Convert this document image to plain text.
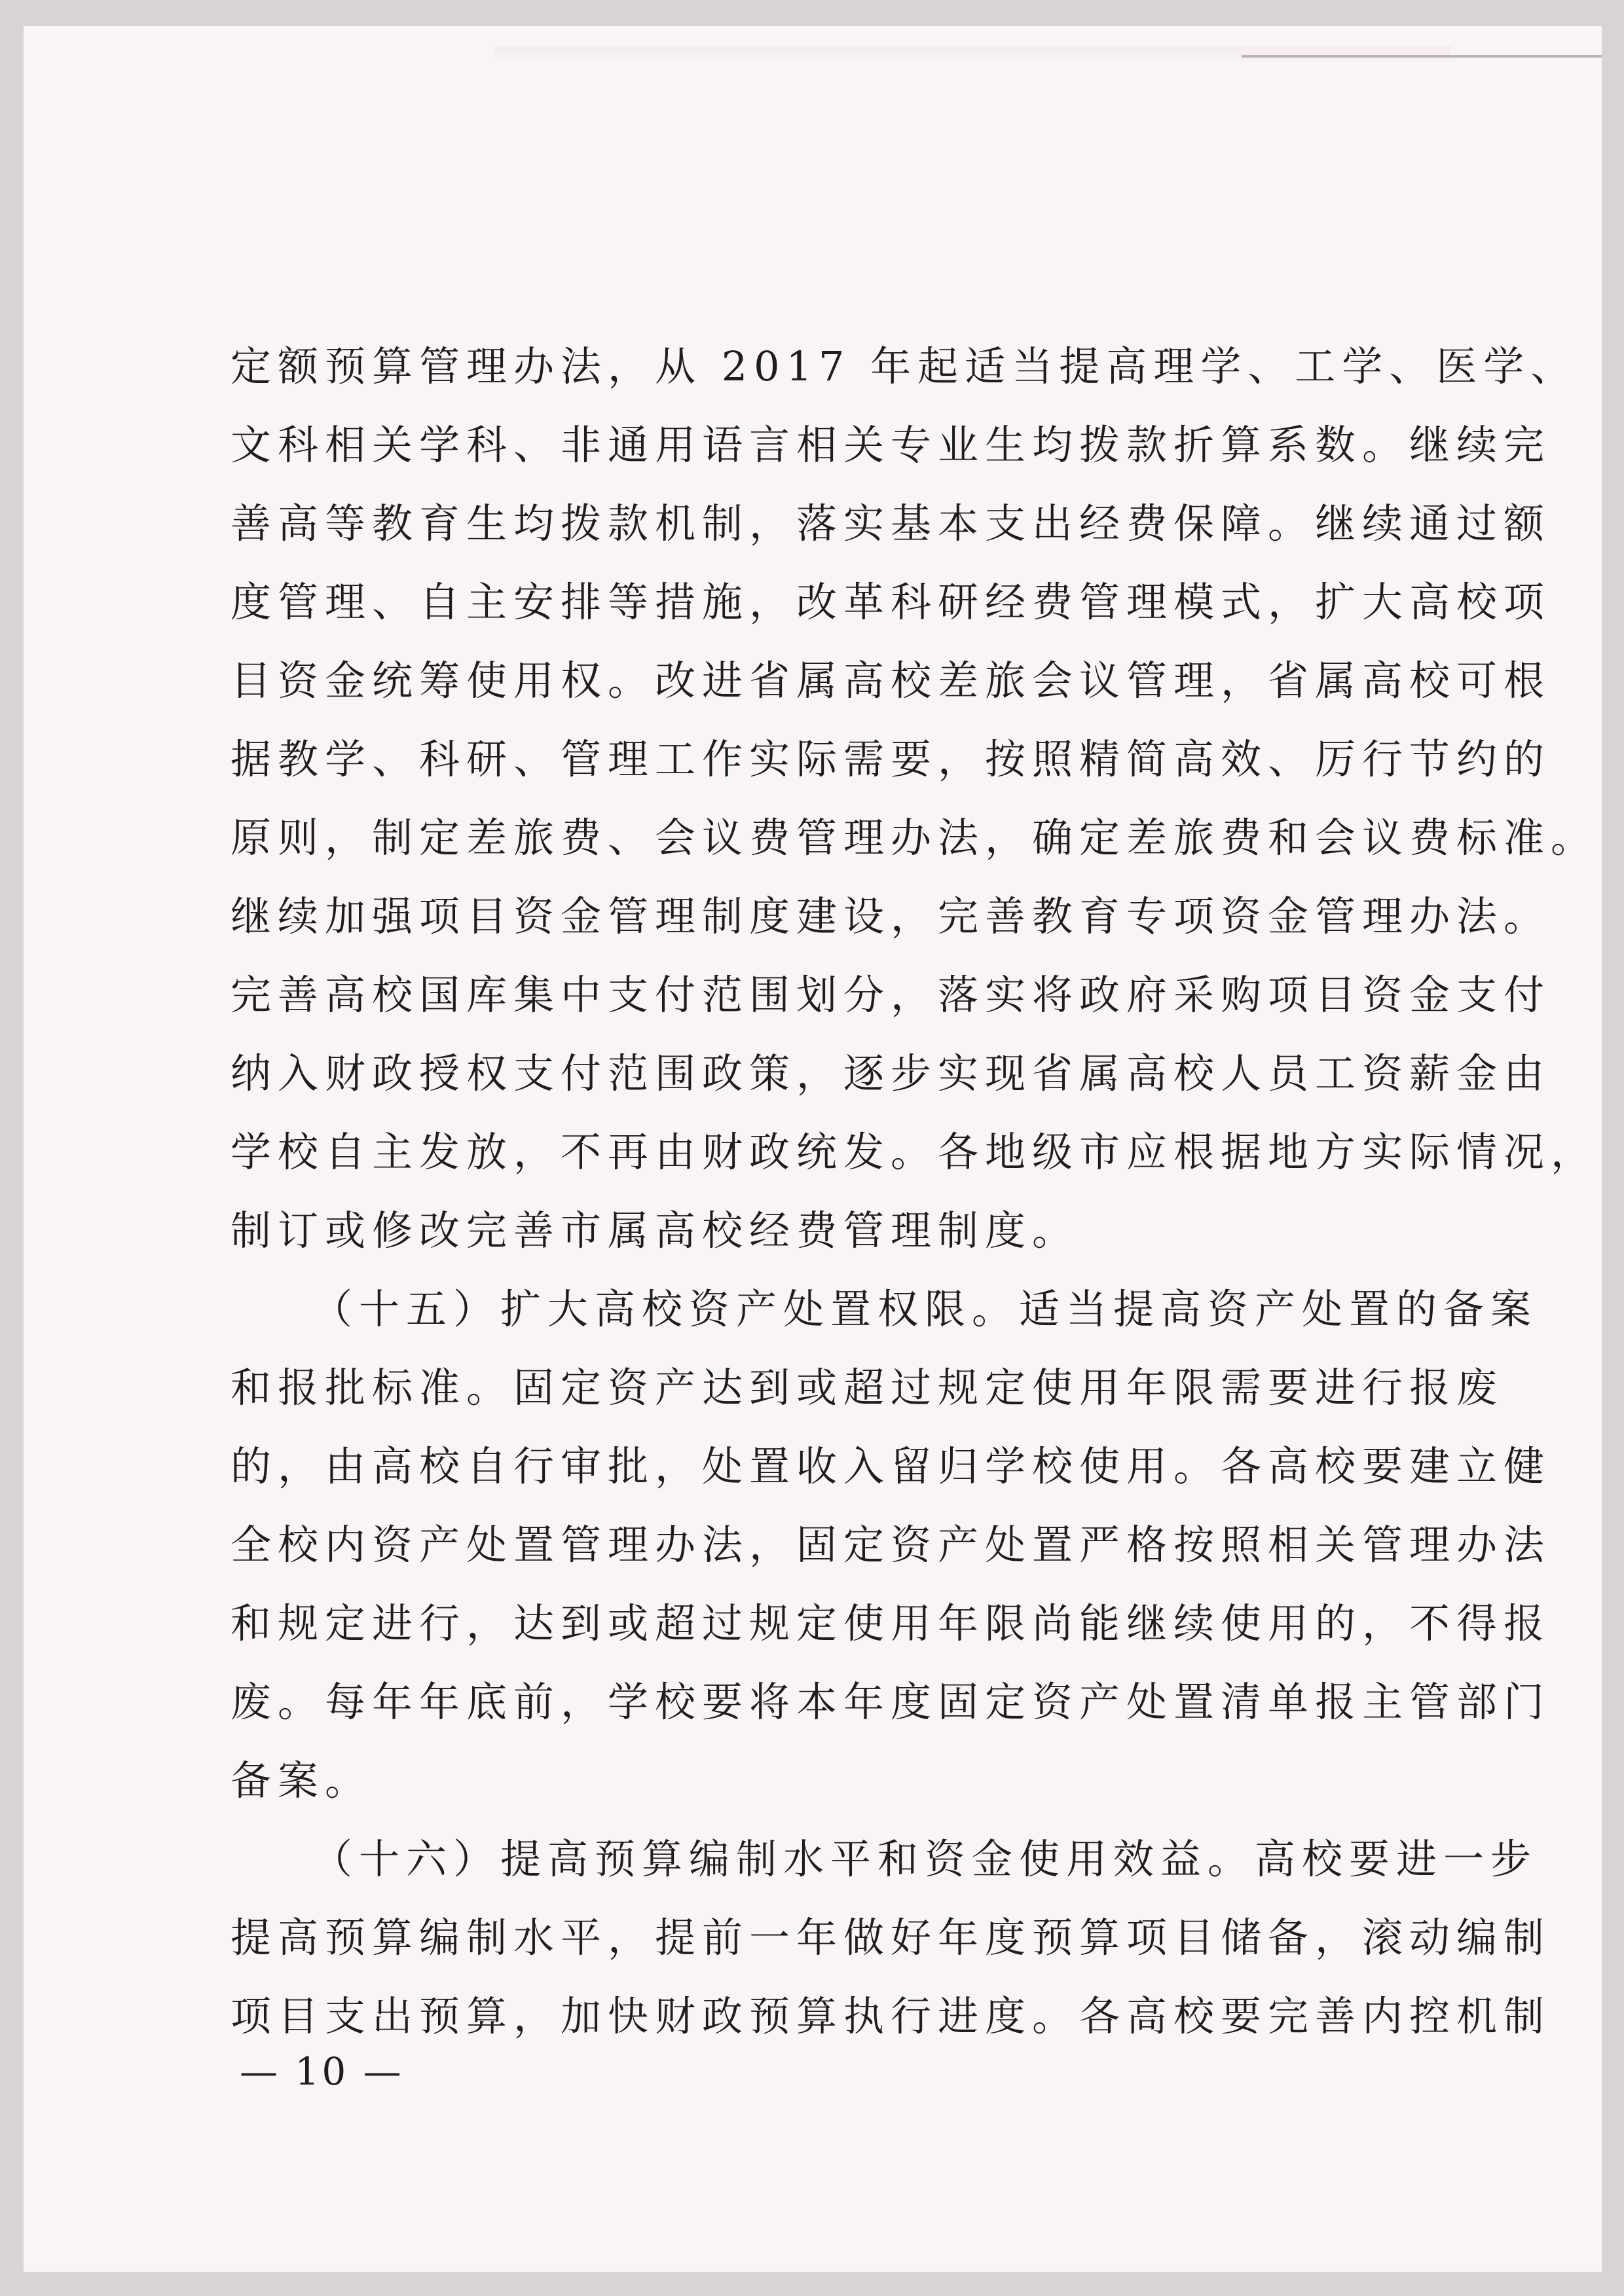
定额预算管理办法，从 2017 年起适当提高理学、工学、医学、
文科相关学科、非通用语言相关专业生均拨款折算系数。继续完
善高等教育生均拨款机制，落实基本支出经费保障。继续通过额
度管理、自主安排等措施，改革科研经费管理模式，扩大高校项
目资金统筹使用权。改进省属高校差旅会议管理，省属高校可根
据教学、科研、管理工作实际需要，按照精简高效、厉行节约的
原则，制定差旅费、会议费管理办法，确定差旅费和会议费标准。
继续加强项目资金管理制度建设，完善教育专项资金管理办法。
完善高校国库集中支付范围划分，落实将政府采购项目资金支付
纳入财政授权支付范围政策，逐步实现省属高校人员工资薪金由
学校自主发放，不再由财政统发。各地级市应根据地方实际情况，
制订或修改完善市属高校经费管理制度。
（十五）扩大高校资产处置权限。适当提高资产处置的备案
和报批标准。固定资产达到或超过规定使用年限需要进行报废
的，由高校自行审批，处置收入留归学校使用。各高校要建立健
全校内资产处置管理办法，固定资产处置严格按照相关管理办法
和规定进行，达到或超过规定使用年限尚能继续使用的，不得报
废。每年年底前，学校要将本年度固定资产处置清单报主管部门
备案。
（十六）提高预算编制水平和资金使用效益。高校要进一步
提高预算编制水平，提前一年做好年度预算项目储备，滚动编制
项目支出预算，加快财政预算执行进度。各高校要完善内控机制
— 10 —
